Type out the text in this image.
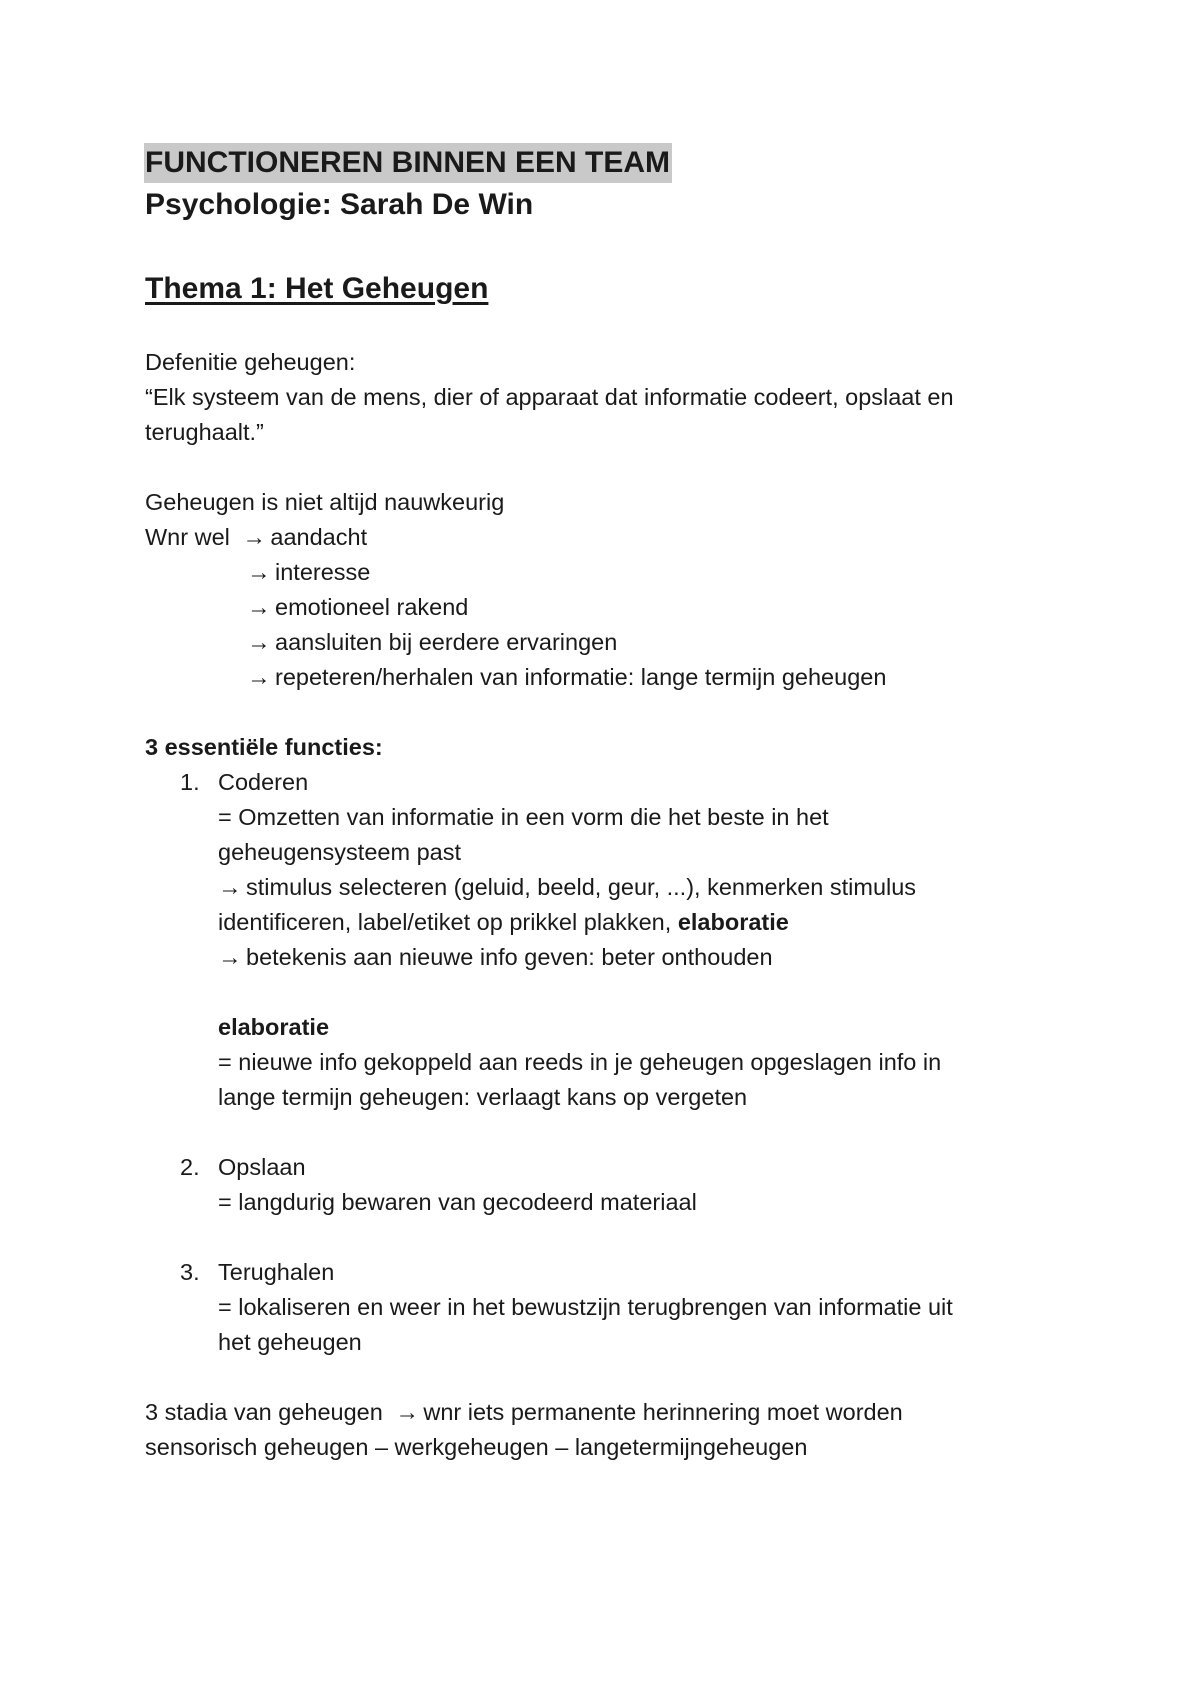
FUNCTIONEREN BINNEN EEN TEAM
Psychologie: Sarah De Win
Thema 1: Het Geheugen

Defenitie geheugen:

“Elk systeem van de mens, dier of apparaat dat informatie codeert, opslaat en

terughaalt.”

Geheugen is niet altijd nauwkeurig

Wnr wel → aandacht

→ interesse

→ emotioneel rakend

→ aansluiten bij eerdere ervaringen

→ repeteren/herhalen van informatie: lange termijn geheugen

3 essentiële functies:

1. Coderen
= Omzetten van informatie in een vorm die het beste in het
geheugensysteem past
→ stimulus selecteren (geluid, beeld, geur, ...), kenmerken stimulus
identificeren, label/etiket op prikkel plakken, elaboratie
→ betekenis aan nieuwe info geven: beter onthouden
elaboratie
= nieuwe info gekoppeld aan reeds in je geheugen opgeslagen info in
lange termijn geheugen: verlaagt kans op vergeten
2. Opslaan
= langdurig bewaren van gecodeerd materiaal
3. Terughalen
= lokaliseren en weer in het bewustzijn terugbrengen van informatie uit
het geheugen

3 stadia van geheugen → wnr iets permanente herinnering moet worden

sensorisch geheugen – werkgeheugen – langetermijngeheugen
